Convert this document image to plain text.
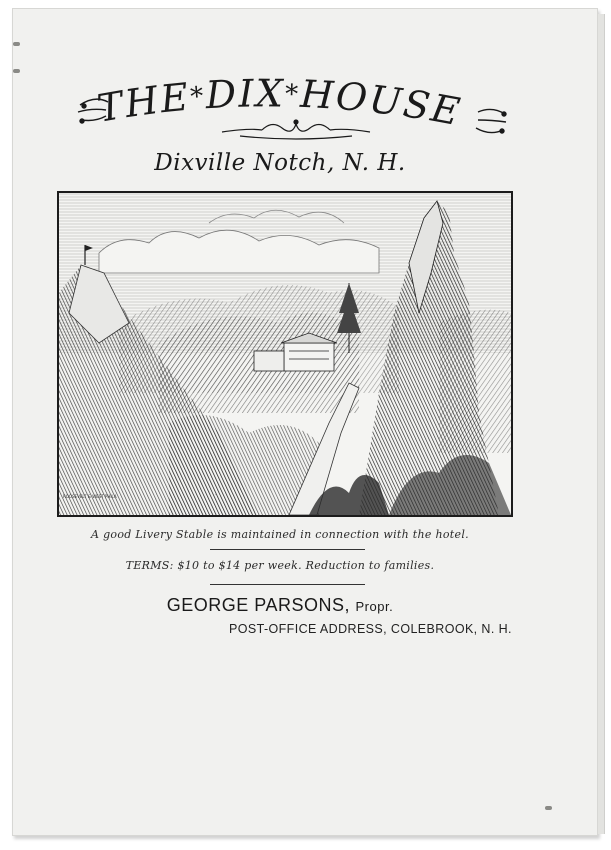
THE*DIX*HOUSE
Dixville Notch, N. H.
ROOSEVELT & WEST PHILA
A good Livery Stable is maintained in connection with the hotel.
TERMS: $10 to $14 per week. Reduction to families.
GEORGE PARSONS, Propr.
POST-OFFICE ADDRESS, COLEBROOK, N. H.
